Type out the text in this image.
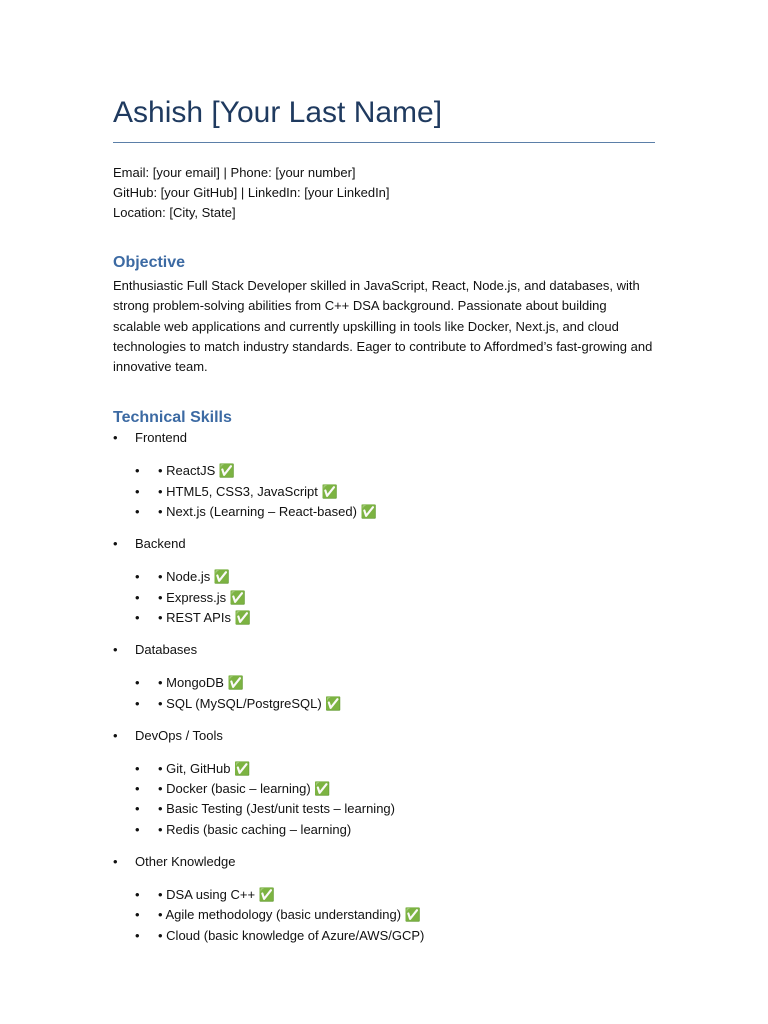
Ashish [Your Last Name]
Email: [your email] | Phone: [your number]
GitHub: [your GitHub] | LinkedIn: [your LinkedIn]
Location: [City, State]
Objective
Enthusiastic Full Stack Developer skilled in JavaScript, React, Node.js, and databases, with strong problem-solving abilities from C++ DSA background. Passionate about building scalable web applications and currently upskilling in tools like Docker, Next.js, and cloud technologies to match industry standards. Eager to contribute to Affordmed’s fast-growing and innovative team.
Technical Skills
• Frontend
• • ReactJS ✅
• • HTML5, CSS3, JavaScript ✅
• • Next.js (Learning – React-based) ✅
• Backend
• • Node.js ✅
• • Express.js ✅
• • REST APIs ✅
• Databases
• • MongoDB ✅
• • SQL (MySQL/PostgreSQL) ✅
• DevOps / Tools
• • Git, GitHub ✅
• • Docker (basic – learning) ✅
• • Basic Testing (Jest/unit tests – learning)
• • Redis (basic caching – learning)
• Other Knowledge
• • DSA using C++ ✅
• • Agile methodology (basic understanding) ✅
• • Cloud (basic knowledge of Azure/AWS/GCP)
